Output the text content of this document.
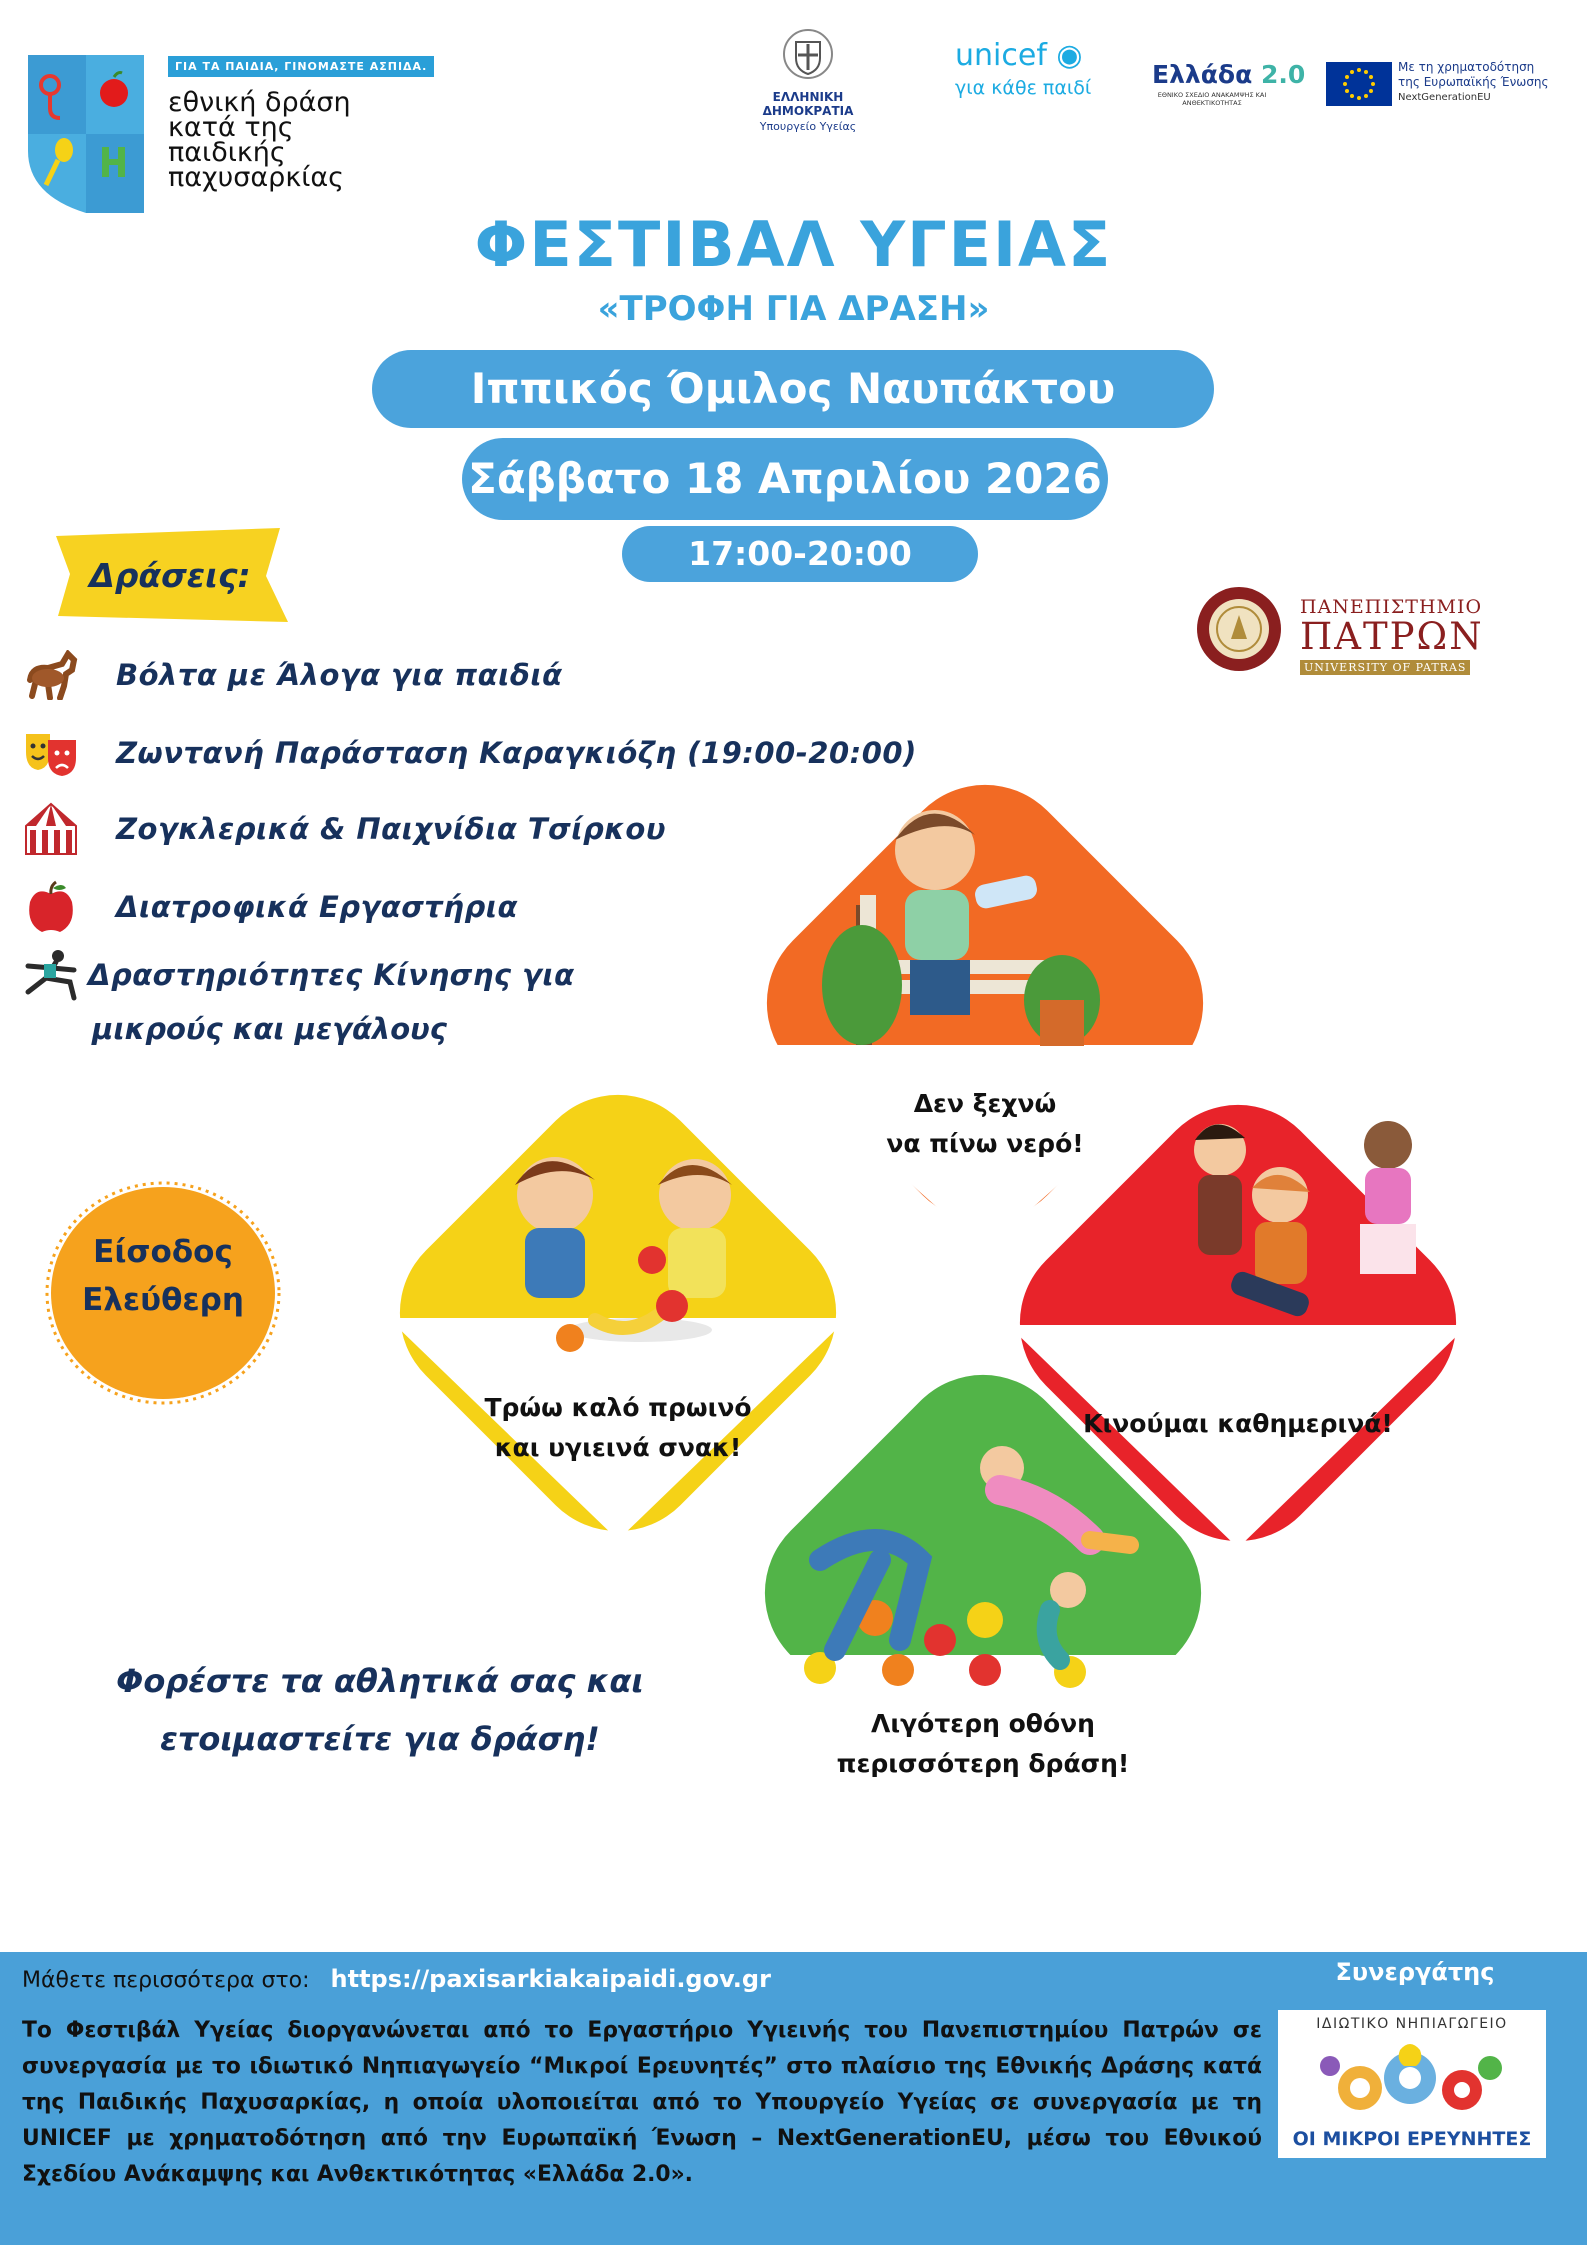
ΓΙΑ ΤΑ ΠΑΙΔΙΑ, ΓΙΝΟΜΑΣΤΕ ΑΣΠΙΔΑ.
εθνική δράση
κατά της
παιδικής
παχυσαρκίας
ΕΛΛΗΝΙΚΗ ΔΗΜΟΚΡΑΤΙΑ
Υπουργείο Υγείας
unicef ◉
για κάθε παιδί Ελλάδα 2.0
ΕΘΝΙΚΟ ΣΧΕΔΙΟ ΑΝΑΚΑΜΨΗΣ ΚΑΙ ΑΝΘΕΚΤΙΚΟΤΗΤΑΣ
Με τη χρηματοδότηση
της Ευρωπαϊκής Ένωσης
NextGenerationEU
ΦΕΣΤΙΒΑΛ ΥΓΕΙΑΣ
«ΤΡΟΦΗ ΓΙΑ ΔΡΑΣΗ»
Ιππικός Όμιλος Ναυπάκτου
Σάββατο 18 Απριλίου 2026
17:00-20:00
Δράσεις:
Βόλτα με Άλογα για παιδιά
Ζωντανή Παράσταση Καραγκιόζη (19:00-20:00)
Ζογκλερικά & Παιχνίδια Τσίρκου
Διατροφικά Εργαστήρια
Δραστηριότητες Κίνησης για
μικρούς και μεγάλους
Είσοδος
Ελεύθερη
Δεν ξεχνώ
να πίνω νερό!
Τρώω καλό πρωινό
και υγιεινά σνακ!
Κινούμαι καθημερινά!
Λιγότερη οθόνη
περισσότερη δράση!
Φορέστε τα αθλητικά σας και
ετοιμαστείτε για δράση!
ΠΑΝΕΠΙΣΤΗΜΙΟ
ΠΑΤΡΩΝ
UNIVERSITY OF PATRAS
Μάθετε περισσότερα στο: https://paxisarkiakaipaidi.gov.gr
Το Φεστιβάλ Υγείας διοργανώνεται από το Εργαστήριο Υγιεινής του Πανεπιστημίου Πατρών σε συνεργασία με το ιδιωτικό Νηπιαγωγείο “Μικροί Ερευνητές” στο πλαίσιο της Εθνικής Δράσης κατά της Παιδικής Παχυσαρκίας, η οποία υλοποιείται από το Υπουργείο Υγείας σε συνεργασία με τη UNICEF με χρηματοδότηση από την Ευρωπαϊκή Ένωση – NextGenerationEU, μέσω του Εθνικού Σχεδίου Ανάκαμψης και Ανθεκτικότητας «Ελλάδα 2.0».
Συνεργάτης
ΙΔΙΩΤΙΚΟ ΝΗΠΙΑΓΩΓΕΙΟ
ΟΙ ΜΙΚΡΟΙ ΕΡΕΥΝΗΤΕΣ
